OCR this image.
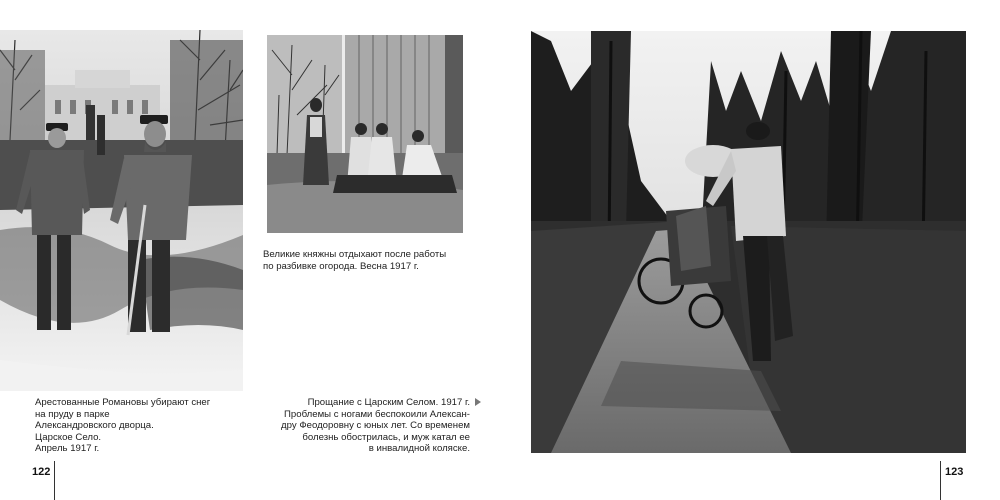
Великие княжны отдыхают после работы
по разбивке огорода. Весна 1917 г.
Арестованные Романовы убирают снег
на пруду в парке
Александровского дворца.
Царское Село.
Апрель 1917 г.
Прощание с Царским Селом. 1917 г.
Проблемы с ногами беспокоили Алексан-
дру Феодоровну с юных лет. Со временем
болезнь обострилась, и муж катал ее
в инвалидной коляске.
122	123
